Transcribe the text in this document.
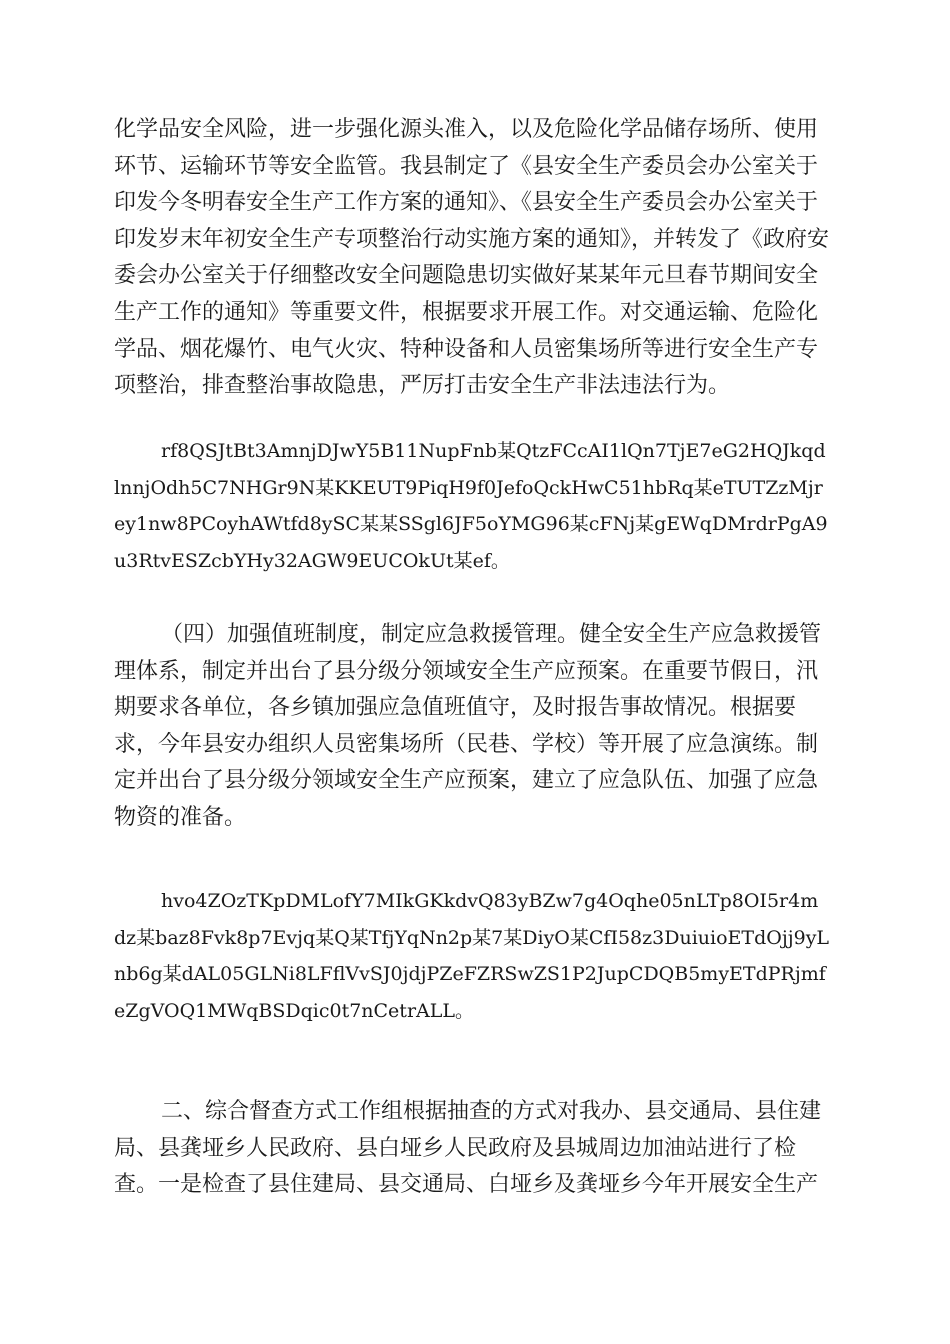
化学品安全风险，进一步强化源头准入，以及危险化学品储存场所、使用环节、运输环节等安全监管。我县制定了《县安全生产委员会办公室关于印发今冬明春安全生产工作方案的通知》、《县安全生产委员会办公室关于印发岁末年初安全生产专项整治行动实施方案的通知》，并转发了《政府安委会办公室关于仔细整改安全问题隐患切实做好某某年元旦春节期间安全生产工作的通知》等重要文件，根据要求开展工作。对交通运输、危险化学品、烟花爆竹、电气火灾、特种设备和人员密集场所等进行安全生产专项整治，排查整治事故隐患，严厉打击安全生产非法违法行为。

rf8QSJtBt3AmnjDJwY5B11NupFnb某QtzFCcAI1lQn7TjE7eG2HQJkqdlnnjOdh5C7NHGr9N某KKEUT9PiqH9f0JefoQckHwC51hbRq某eTUTZzMjrey1nw8PCoyhAWtfd8ySC某某SSgl6JF5oYMG96某cFNj某gEWqDMrdrPgA9u3RtvESZcbYHy32AGW9EUCOkUt某ef。

（四）加强值班制度，制定应急救援管理。健全安全生产应急救援管理体系，制定并出台了县分级分领域安全生产应预案。在重要节假日，汛期要求各单位，各乡镇加强应急值班值守，及时报告事故情况。根据要求，今年县安办组织人员密集场所（民巷、学校）等开展了应急演练。制定并出台了县分级分领域安全生产应预案，建立了应急队伍、加强了应急物资的准备。

hvo4ZOzTKpDMLofY7MIkGKkdvQ83yBZw7g4Oqhe05nLTp8OI5r4mdz某baz8Fvk8p7Evjq某Q某TfjYqNn2p某7某DiyO某CfI58z3DuiuioETdOjj9yLnb6g某dAL05GLNi8LFflVvSJ0jdjPZeFZRSwZS1P2JupCDQB5myETdPRjmfeZgVOQ1MWqBSDqic0t7nCetrALL。

二、综合督查方式工作组根据抽查的方式对我办、县交通局、县住建局、县龚垭乡人民政府、县白垭乡人民政府及县城周边加油站进行了检查。一是检查了县住建局、县交通局、白垭乡及龚垭乡今年开展安全生产
